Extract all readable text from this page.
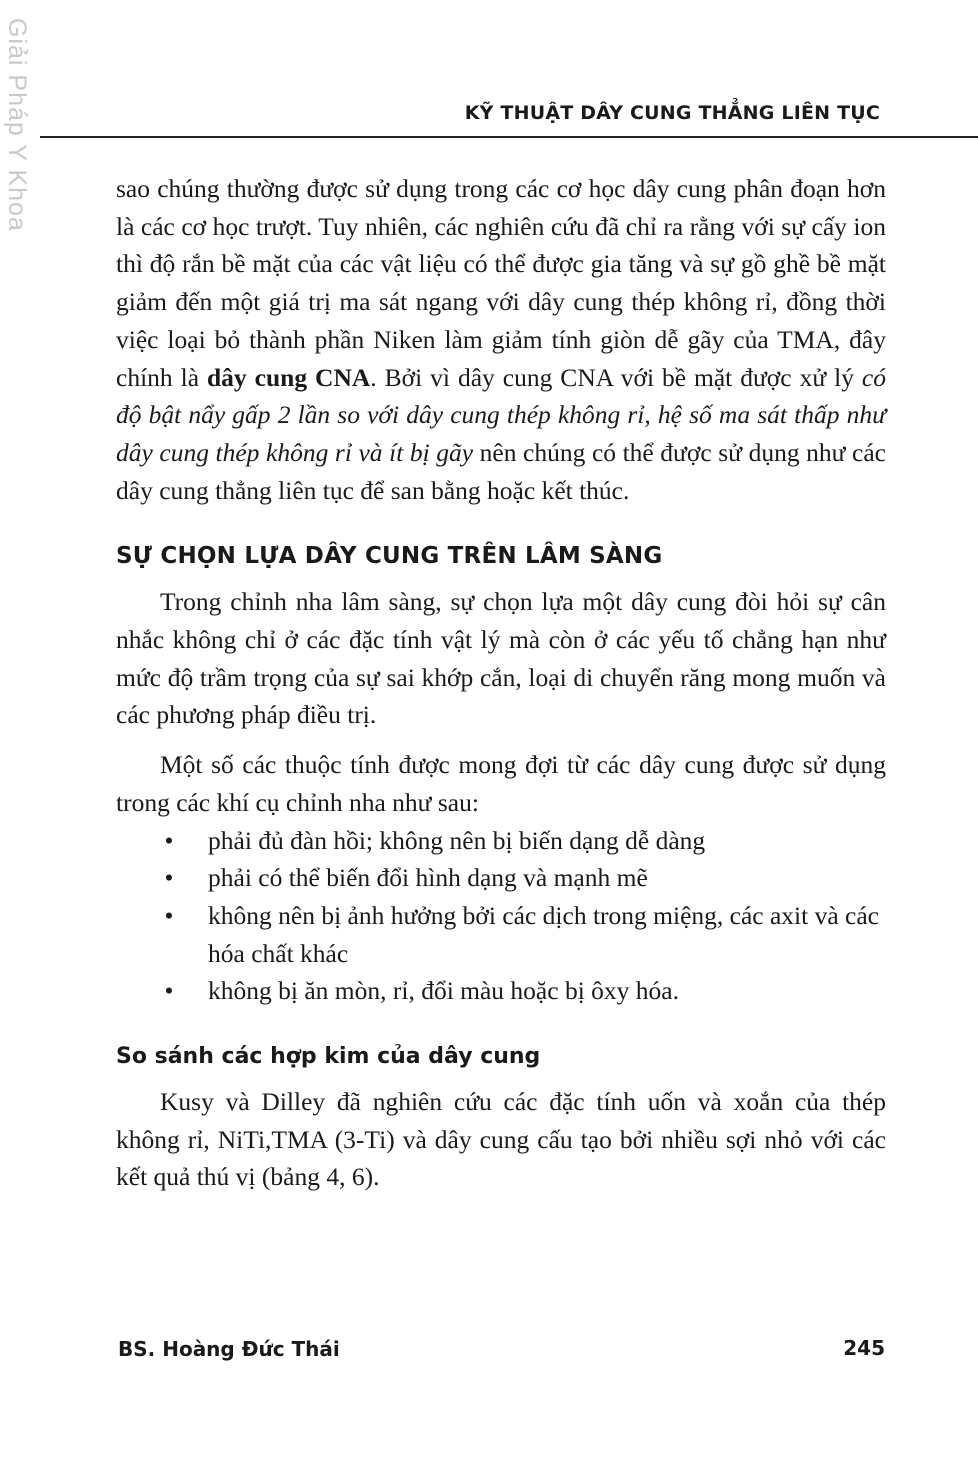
Giải Pháp Y Khoa	KỸ THUẬT DÂY CUNG THẲNG LIÊN TỤC

sao chúng thường được sử dụng trong các cơ học dây cung phân đoạn hơn là các cơ học trượt. Tuy nhiên, các nghiên cứu đã chỉ ra rằng với sự cấy ion thì độ rắn bề mặt của các vật liệu có thể được gia tăng và sự gồ ghề bề mặt giảm đến một giá trị ma sát ngang với dây cung thép không rỉ, đồng thời việc loại bỏ thành phần Niken làm giảm tính giòn dễ gãy của TMA, đây chính là dây cung CNA. Bởi vì dây cung CNA với bề mặt được xử lý có độ bật nẩy gấp 2 lần so với dây cung thép không rỉ, hệ số ma sát thấp như dây cung thép không rỉ và ít bị gãy nên chúng có thể được sử dụng như các dây cung thẳng liên tục để san bằng hoặc kết thúc.

SỰ CHỌN LỰA DÂY CUNG TRÊN LÂM SÀNG

Trong chỉnh nha lâm sàng, sự chọn lựa một dây cung đòi hỏi sự cân nhắc không chỉ ở các đặc tính vật lý mà còn ở các yếu tố chẳng hạn như mức độ trầm trọng của sự sai khớp cắn, loại di chuyển răng mong muốn và các phương pháp điều trị.

Một số các thuộc tính được mong đợi từ các dây cung được sử dụng trong các khí cụ chỉnh nha như sau:

• phải đủ đàn hồi; không nên bị biến dạng dễ dàng
• phải có thể biến đổi hình dạng và mạnh mẽ
• không nên bị ảnh hưởng bởi các dịch trong miệng, các axit và các hóa chất khác
• không bị ăn mòn, rỉ, đổi màu hoặc bị ôxy hóa.
So sánh các hợp kim của dây cung

Kusy và Dilley đã nghiên cứu các đặc tính uốn và xoắn của thép không rỉ, NiTi,TMA (3-Ti) và dây cung cấu tạo bởi nhiều sợi nhỏ với các kết quả thú vị (bảng 4, 6).

BS. Hoàng Đức Thái	245
